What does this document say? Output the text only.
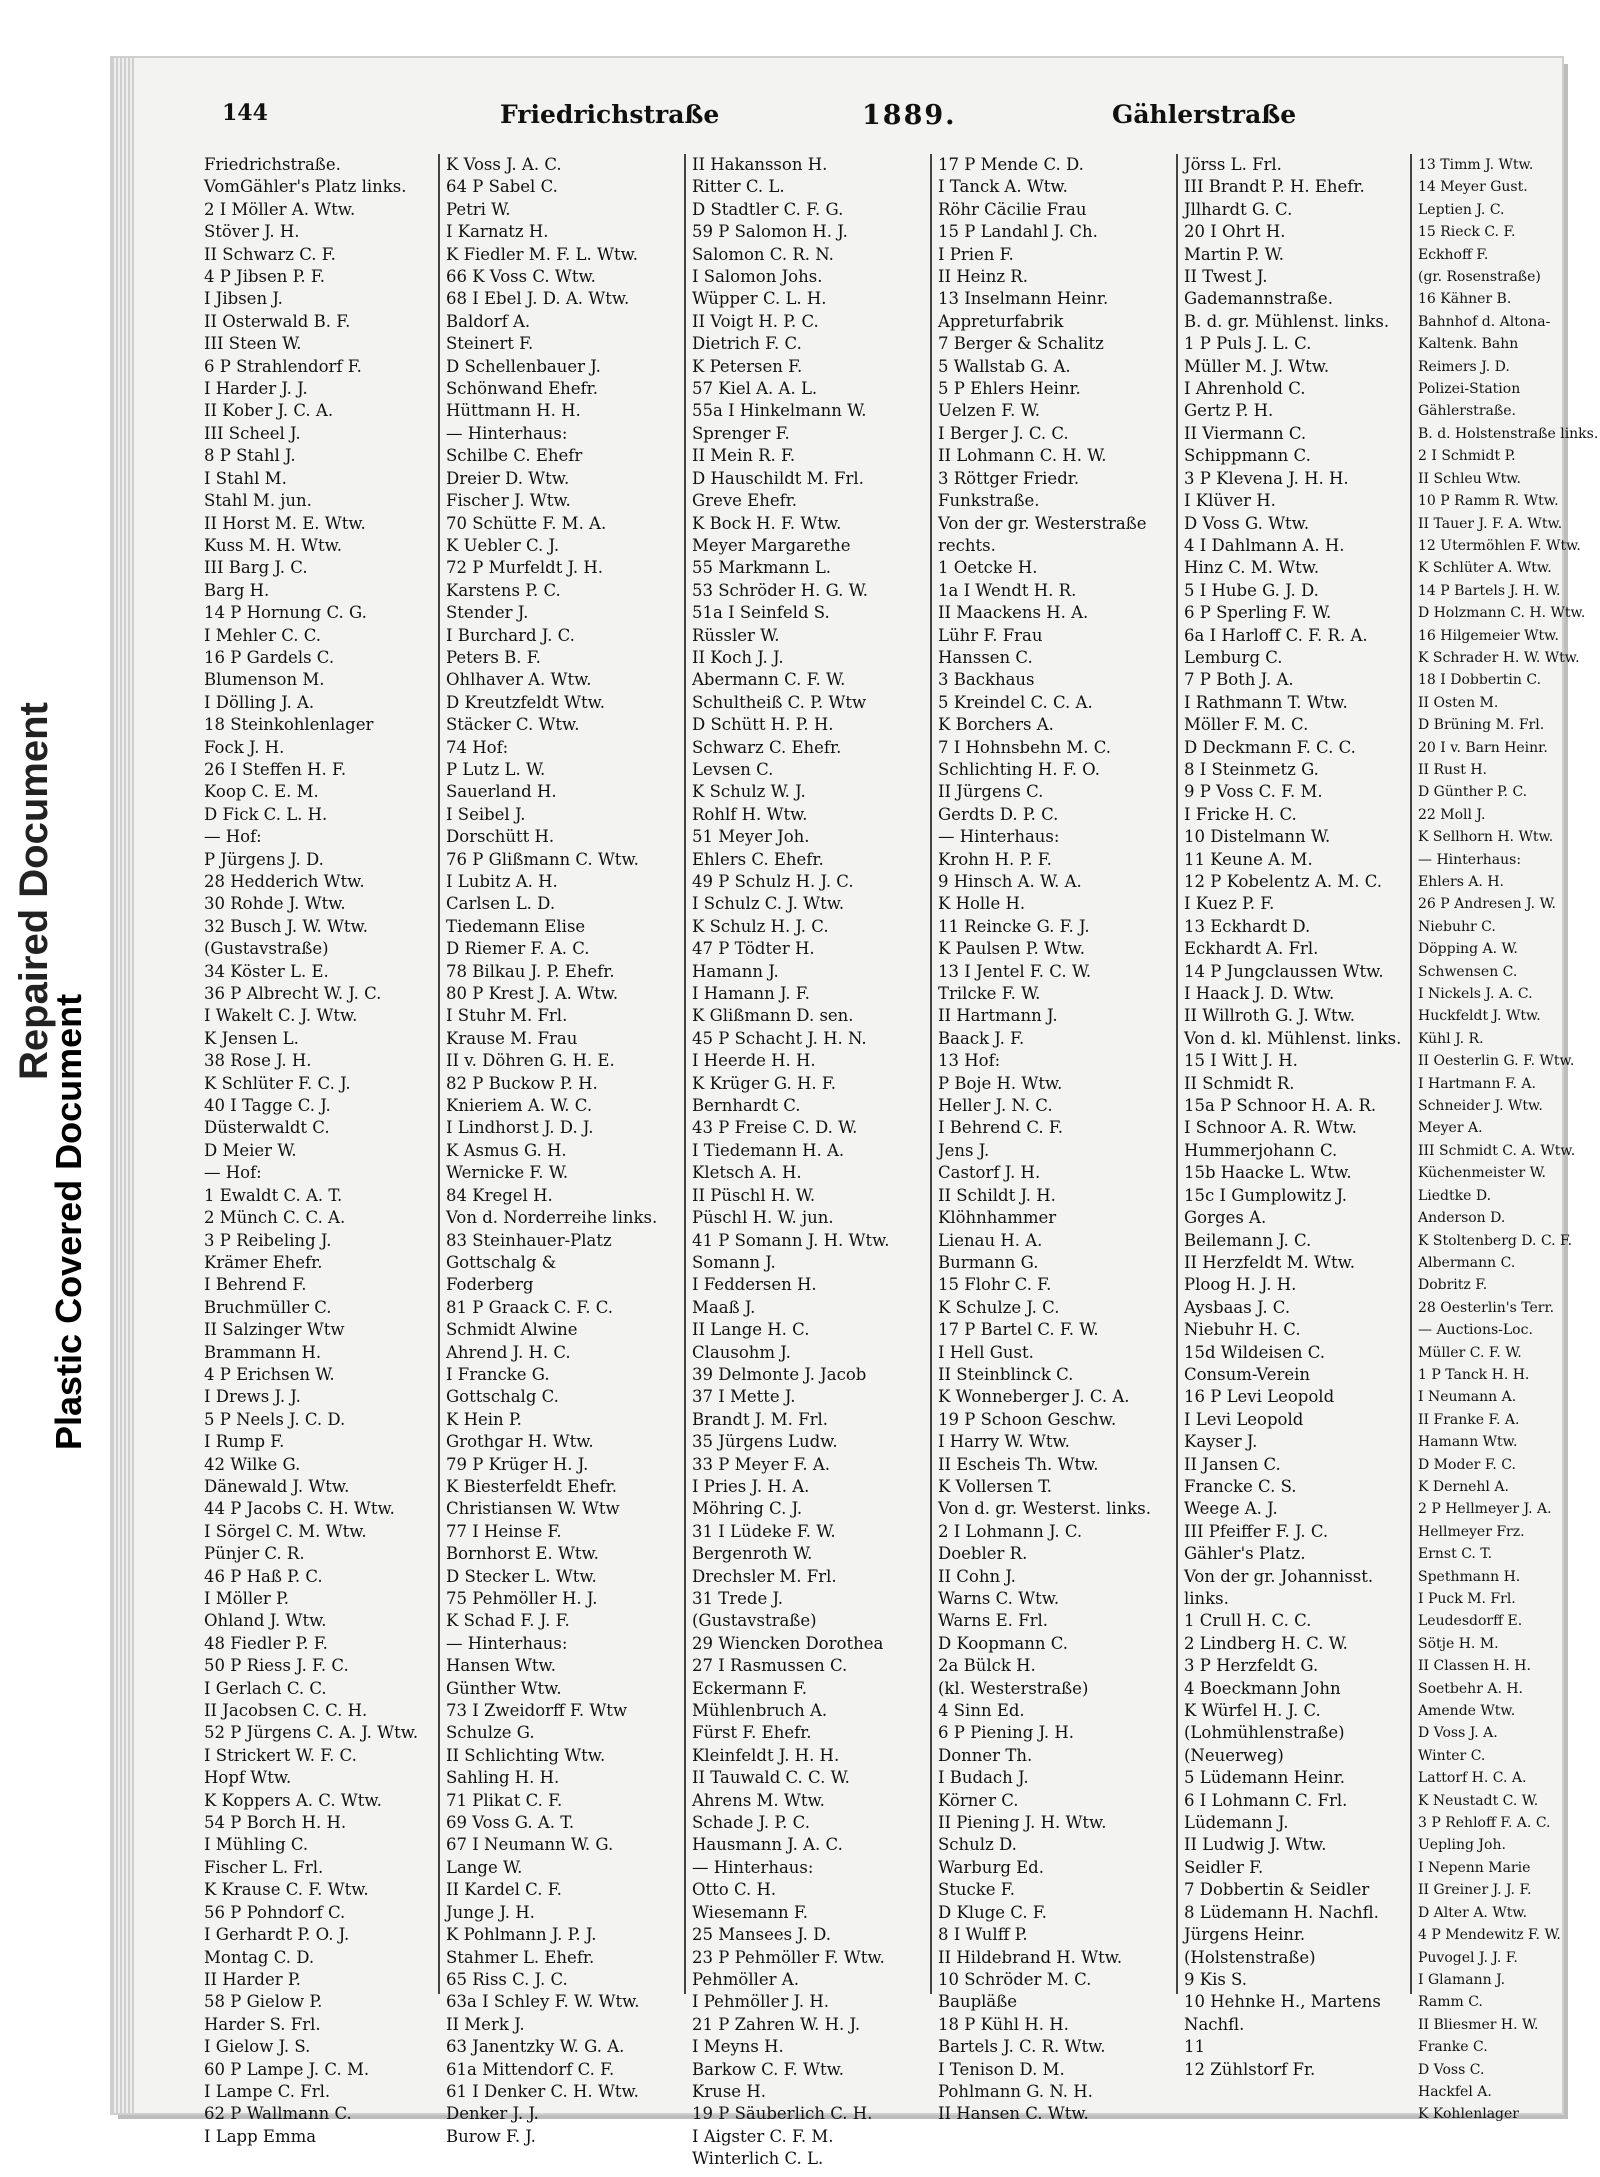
Repaired Document
Plastic Covered Document
144	Friedrichstraße	1889.	Gählerstraße
Friedrichstraße.
VomGähler's Platz links.
2 I Möller A. Wtw.
Stöver J. H.
II Schwarz C. F.
4 P Jibsen P. F.
I Jibsen J.
II Osterwald B. F.
III Steen W.
6 P Strahlendorf F.
I Harder J. J.
II Kober J. C. A.
III Scheel J.
8 P Stahl J.
I Stahl M.
Stahl M. jun.
II Horst M. E. Wtw.
Kuss M. H. Wtw.
III Barg J. C.
Barg H.
14 P Hornung C. G.
I Mehler C. C.
16 P Gardels C.
Blumenson M.
I Dölling J. A.
18 Steinkohlenlager
Fock J. H.
26 I Steffen H. F.
Koop C. E. M.
D Fick C. L. H.
— Hof:
P Jürgens J. D.
28 Hedderich Wtw.
30 Rohde J. Wtw.
32 Busch J. W. Wtw.
(Gustavstraße)
34 Köster L. E.
36 P Albrecht W. J. C.
I Wakelt C. J. Wtw.
K Jensen L.
38 Rose J. H.
K Schlüter F. C. J.
40 I Tagge C. J.
Düsterwaldt C.
D Meier W.
— Hof:
1 Ewaldt C. A. T.
2 Münch C. C. A.
3 P Reibeling J.
Krämer Ehefr.
I Behrend F.
Bruchmüller C.
II Salzinger Wtw
Brammann H.
4 P Erichsen W.
I Drews J. J.
5 P Neels J. C. D.
I Rump F.
42 Wilke G.
Dänewald J. Wtw.
44 P Jacobs C. H. Wtw.
I Sörgel C. M. Wtw.
Pünjer C. R.
46 P Haß P. C.
I Möller P.
Ohland J. Wtw.
48 Fiedler P. F.
50 P Riess J. F. C.
I Gerlach C. C.
II Jacobsen C. C. H.
52 P Jürgens C. A. J. Wtw.
I Strickert W. F. C.
Hopf Wtw.
K Koppers A. C. Wtw.
54 P Borch H. H.
I Mühling C.
Fischer L. Frl.
K Krause C. F. Wtw.
56 P Pohndorf C.
I Gerhardt P. O. J.
Montag C. D.
II Harder P.
58 P Gielow P.
Harder S. Frl.
I Gielow J. S.
60 P Lampe J. C. M.
I Lampe C. Frl.
62 P Wallmann C.
I Lapp Emma
K Voss J. A. C.
64 P Sabel C.
Petri W.
I Karnatz H.
K Fiedler M. F. L. Wtw.
66 K Voss C. Wtw.
68 I Ebel J. D. A. Wtw.
Baldorf A.
Steinert F.
D Schellenbauer J.
Schönwand Ehefr.
Hüttmann H. H.
— Hinterhaus:
Schilbe C. Ehefr
Dreier D. Wtw.
Fischer J. Wtw.
70 Schütte F. M. A.
K Uebler C. J.
72 P Murfeldt J. H.
Karstens P. C.
Stender J.
I Burchard J. C.
Peters B. F.
Ohlhaver A. Wtw.
D Kreutzfeldt Wtw.
Stäcker C. Wtw.
74 Hof:
P Lutz L. W.
Sauerland H.
I Seibel J.
Dorschütt H.
76 P Glißmann C. Wtw.
I Lubitz A. H.
Carlsen L. D.
Tiedemann Elise
D Riemer F. A. C.
78 Bilkau J. P. Ehefr.
80 P Krest J. A. Wtw.
I Stuhr M. Frl.
Krause M. Frau
II v. Döhren G. H. E.
82 P Buckow P. H.
Knieriem A. W. C.
I Lindhorst J. D. J.
K Asmus G. H.
Wernicke F. W.
84 Kregel H.
Von d. Norderreihe links.
83 Steinhauer-Platz
Gottschalg &
Foderberg
81 P Graack C. F. C.
Schmidt Alwine
Ahrend J. H. C.
I Francke G.
Gottschalg C.
K Hein P.
Grothgar H. Wtw.
79 P Krüger H. J.
K Biesterfeldt Ehefr.
Christiansen W. Wtw
77 I Heinse F.
Bornhorst E. Wtw.
D Stecker L. Wtw.
75 Pehmöller H. J.
K Schad F. J. F.
— Hinterhaus:
Hansen Wtw.
Günther Wtw.
73 I Zweidorff F. Wtw
Schulze G.
II Schlichting Wtw.
Sahling H. H.
71 Plikat C. F.
69 Voss G. A. T.
67 I Neumann W. G.
Lange W.
II Kardel C. F.
Junge J. H.
K Pohlmann J. P. J.
Stahmer L. Ehefr.
65 Riss C. J. C.
63a I Schley F. W. Wtw.
II Merk J.
63 Janentzky W. G. A.
61a Mittendorf C. F.
61 I Denker C. H. Wtw.
Denker J. J.
Burow F. J.
II Hakansson H.
Ritter C. L.
D Stadtler C. F. G.
59 P Salomon H. J.
Salomon C. R. N.
I Salomon Johs.
Wüpper C. L. H.
II Voigt H. P. C.
Dietrich F. C.
K Petersen F.
57 Kiel A. A. L.
55a I Hinkelmann W.
Sprenger F.
II Mein R. F.
D Hauschildt M. Frl.
Greve Ehefr.
K Bock H. F. Wtw.
Meyer Margarethe
55 Markmann L.
53 Schröder H. G. W.
51a I Seinfeld S.
Rüssler W.
II Koch J. J.
Abermann C. F. W.
Schultheiß C. P. Wtw
D Schütt H. P. H.
Schwarz C. Ehefr.
Levsen C.
K Schulz W. J.
Rohlf H. Wtw.
51 Meyer Joh.
Ehlers C. Ehefr.
49 P Schulz H. J. C.
I Schulz C. J. Wtw.
K Schulz H. J. C.
47 P Tödter H.
Hamann J.
I Hamann J. F.
K Glißmann D. sen.
45 P Schacht J. H. N.
I Heerde H. H.
K Krüger G. H. F.
Bernhardt C.
43 P Freise C. D. W.
I Tiedemann H. A.
Kletsch A. H.
II Püschl H. W.
Püschl H. W. jun.
41 P Somann J. H. Wtw.
Somann J.
I Feddersen H.
Maaß J.
II Lange H. C.
Clausohm J.
39 Delmonte J. Jacob
37 I Mette J.
Brandt J. M. Frl.
35 Jürgens Ludw.
33 P Meyer F. A.
I Pries J. H. A.
Möhring C. J.
31 I Lüdeke F. W.
Bergenroth W.
Drechsler M. Frl.
31 Trede J.
(Gustavstraße)
29 Wiencken Dorothea
27 I Rasmussen C.
Eckermann F.
Mühlenbruch A.
Fürst F. Ehefr.
Kleinfeldt J. H. H.
II Tauwald C. C. W.
Ahrens M. Wtw.
Schade J. P. C.
Hausmann J. A. C.
— Hinterhaus:
Otto C. H.
Wiesemann F.
25 Mansees J. D.
23 P Pehmöller F. Wtw.
Pehmöller A.
I Pehmöller J. H.
21 P Zahren W. H. J.
I Meyns H.
Barkow C. F. Wtw.
Kruse H.
19 P Säuberlich C. H.
I Aigster C. F. M.
Winterlich C. L.
17 P Mende C. D.
I Tanck A. Wtw.
Röhr Cäcilie Frau
15 P Landahl J. Ch.
I Prien F.
II Heinz R.
13 Inselmann Heinr.
Appreturfabrik
7 Berger & Schalitz
5 Wallstab G. A.
5 P Ehlers Heinr.
Uelzen F. W.
I Berger J. C. C.
II Lohmann C. H. W.
3 Röttger Friedr.
Funkstraße.
Von der gr. Westerstraße
rechts.
1 Oetcke H.
1a I Wendt H. R.
II Maackens H. A.
Lühr F. Frau
Hanssen C.
3 Backhaus
5 Kreindel C. C. A.
K Borchers A.
7 I Hohnsbehn M. C.
Schlichting H. F. O.
II Jürgens C.
Gerdts D. P. C.
— Hinterhaus:
Krohn H. P. F.
9 Hinsch A. W. A.
K Holle H.
11 Reincke G. F. J.
K Paulsen P. Wtw.
13 I Jentel F. C. W.
Trilcke F. W.
II Hartmann J.
Baack J. F.
13 Hof:
P Boje H. Wtw.
Heller J. N. C.
I Behrend C. F.
Jens J.
Castorf J. H.
II Schildt J. H.
Klöhnhammer
Lienau H. A.
Burmann G.
15 Flohr C. F.
K Schulze J. C.
17 P Bartel C. F. W.
I Hell Gust.
II Steinblinck C.
K Wonneberger J. C. A.
19 P Schoon Geschw.
I Harry W. Wtw.
II Escheis Th. Wtw.
K Vollersen T.
Von d. gr. Westerst. links.
2 I Lohmann J. C.
Doebler R.
II Cohn J.
Warns C. Wtw.
Warns E. Frl.
D Koopmann C.
2a Bülck H.
(kl. Westerstraße)
4 Sinn Ed.
6 P Piening J. H.
Donner Th.
I Budach J.
Körner C.
II Piening J. H. Wtw.
Schulz D.
Warburg Ed.
Stucke F.
D Kluge C. F.
8 I Wulff P.
II Hildebrand H. Wtw.
10 Schröder M. C.
Baupläße
18 P Kühl H. H.
Bartels J. C. R. Wtw.
I Tenison D. M.
Pohlmann G. N. H.
II Hansen C. Wtw.
Jörss L. Frl.
III Brandt P. H. Ehefr.
Jllhardt G. C.
20 I Ohrt H.
Martin P. W.
II Twest J.
Gademannstraße.
B. d. gr. Mühlenst. links.
1 P Puls J. L. C.
Müller M. J. Wtw.
I Ahrenhold C.
Gertz P. H.
II Viermann C.
Schippmann C.
3 P Klevena J. H. H.
I Klüver H.
D Voss G. Wtw.
4 I Dahlmann A. H.
Hinz C. M. Wtw.
5 I Hube G. J. D.
6 P Sperling F. W.
6a I Harloff C. F. R. A.
Lemburg C.
7 P Both J. A.
I Rathmann T. Wtw.
Möller F. M. C.
D Deckmann F. C. C.
8 I Steinmetz G.
9 P Voss C. F. M.
I Fricke H. C.
10 Distelmann W.
11 Keune A. M.
12 P Kobelentz A. M. C.
I Kuez P. F.
13 Eckhardt D.
Eckhardt A. Frl.
14 P Jungclaussen Wtw.
I Haack J. D. Wtw.
II Willroth G. J. Wtw.
Von d. kl. Mühlenst. links.
15 I Witt J. H.
II Schmidt R.
15a P Schnoor H. A. R.
I Schnoor A. R. Wtw.
Hummerjohann C.
15b Haacke L. Wtw.
15c I Gumplowitz J.
Gorges A.
Beilemann J. C.
II Herzfeldt M. Wtw.
Ploog H. J. H.
Aysbaas J. C.
Niebuhr H. C.
15d Wildeisen C.
Consum-Verein
16 P Levi Leopold
I Levi Leopold
Kayser J.
II Jansen C.
Francke C. S.
Weege A. J.
III Pfeiffer F. J. C.
Gähler's Platz.
Von der gr. Johannisst.
links.
1 Crull H. C. C.
2 Lindberg H. C. W.
3 P Herzfeldt G.
4 Boeckmann John
K Würfel H. J. C.
(Lohmühlenstraße)
(Neuerweg)
5 Lüdemann Heinr.
6 I Lohmann C. Frl.
Lüdemann J.
II Ludwig J. Wtw.
Seidler F.
7 Dobbertin & Seidler
8 Lüdemann H. Nachfl.
Jürgens Heinr.
(Holstenstraße)
9 Kis S.
10 Hehnke H., Martens
Nachfl.
11
12 Zühlstorf Fr.
13 Timm J. Wtw.
14 Meyer Gust.
Leptien J. C.
15 Rieck C. F.
Eckhoff F.
(gr. Rosenstraße)
16 Kähner B.
Bahnhof d. Altona-
Kaltenk. Bahn
Reimers J. D.
Polizei-Station
Gählerstraße.
B. d. Holstenstraße links.
2 I Schmidt P.
II Schleu Wtw.
10 P Ramm R. Wtw.
II Tauer J. F. A. Wtw.
12 Utermöhlen F. Wtw.
K Schlüter A. Wtw.
14 P Bartels J. H. W.
D Holzmann C. H. Wtw.
16 Hilgemeier Wtw.
K Schrader H. W. Wtw.
18 I Dobbertin C.
II Osten M.
D Brüning M. Frl.
20 I v. Barn Heinr.
II Rust H.
D Günther P. C.
22 Moll J.
K Sellhorn H. Wtw.
— Hinterhaus:
Ehlers A. H.
26 P Andresen J. W.
Niebuhr C.
Döpping A. W.
Schwensen C.
I Nickels J. A. C.
Huckfeldt J. Wtw.
Kühl J. R.
II Oesterlin G. F. Wtw.
I Hartmann F. A.
Schneider J. Wtw.
Meyer A.
III Schmidt C. A. Wtw.
Küchenmeister W.
Liedtke D.
Anderson D.
K Stoltenberg D. C. F.
Albermann C.
Dobritz F.
28 Oesterlin's Terr.
— Auctions-Loc.
Müller C. F. W.
1 P Tanck H. H.
I Neumann A.
II Franke F. A.
Hamann Wtw.
D Moder F. C.
K Dernehl A.
2 P Hellmeyer J. A.
Hellmeyer Frz.
Ernst C. T.
Spethmann H.
I Puck M. Frl.
Leudesdorff E.
Sötje H. M.
II Classen H. H.
Soetbehr A. H.
Amende Wtw.
D Voss J. A.
Winter C.
Lattorf H. C. A.
K Neustadt C. W.
3 P Rehloff F. A. C.
Uepling Joh.
I Nepenn Marie
II Greiner J. J. F.
D Alter A. Wtw.
4 P Mendewitz F. W.
Puvogel J. J. F.
I Glamann J.
Ramm C.
II Bliesmer H. W.
Franke C.
D Voss C.
Hackfel A.
K Kohlenlager
